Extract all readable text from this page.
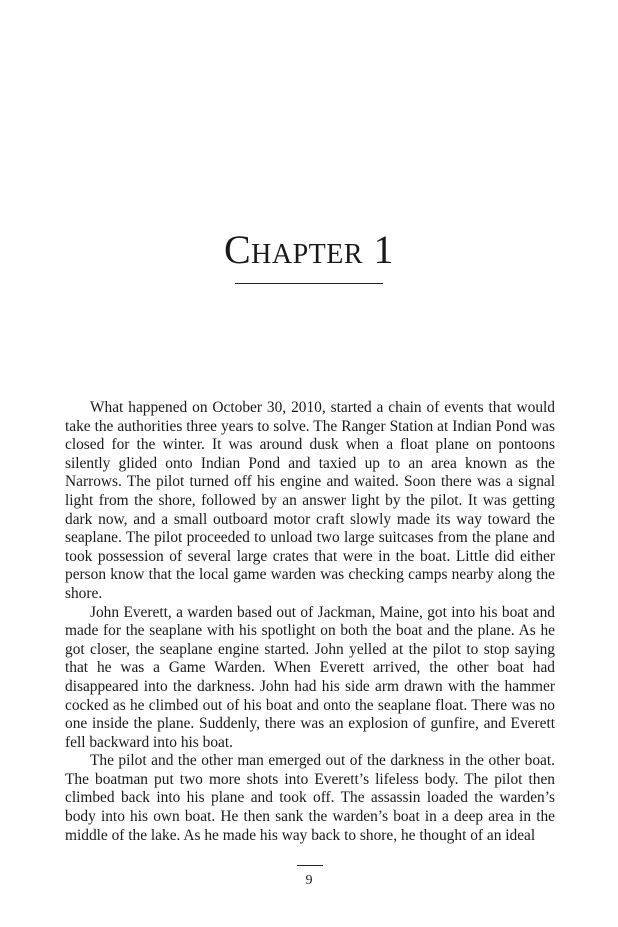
Chapter 1

What happened on October 30, 2010, started a chain of events that would take the authorities three years to solve. The Ranger Station at Indian Pond was closed for the winter. It was around dusk when a float plane on pontoons silently glided onto Indian Pond and taxied up to an area known as the Narrows. The pilot turned off his engine and waited. Soon there was a signal light from the shore, followed by an answer light by the pilot. It was getting dark now, and a small outboard motor craft slowly made its way toward the seaplane. The pilot proceeded to unload two large suitcases from the plane and took possession of several large crates that were in the boat. Little did either person know that the local game warden was checking camps nearby along the shore.

John Everett, a warden based out of Jackman, Maine, got into his boat and made for the seaplane with his spotlight on both the boat and the plane. As he got closer, the seaplane engine started. John yelled at the pilot to stop saying that he was a Game Warden. When Everett arrived, the other boat had disappeared into the darkness. John had his side arm drawn with the hammer cocked as he climbed out of his boat and onto the seaplane float. There was no one inside the plane. Suddenly, there was an explosion of gunfire, and Everett fell backward into his boat.

The pilot and the other man emerged out of the darkness in the other boat. The boatman put two more shots into Everett’s lifeless body. The pilot then climbed back into his plane and took off. The assassin loaded the warden’s body into his own boat. He then sank the warden’s boat in a deep area in the middle of the lake. As he made his way back to shore, he thought of an ideal

9
